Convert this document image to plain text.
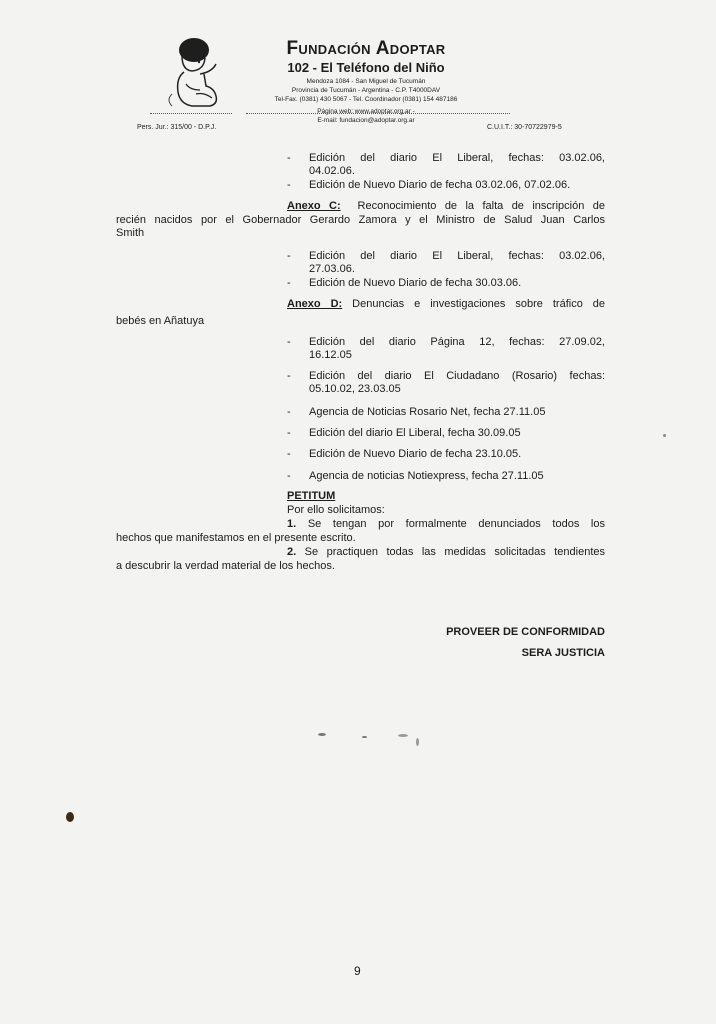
Fundación Adoptar
102 - El Teléfono del Niño
Mendoza 1084 - San Miguel de Tucumán
Provincia de Tucumán - Argentina - C.P. T4000DAV
Tel-Fax. (0381) 430 5067 - Tel. Coordinador (0381) 154 487186
Página web: www.adoptar.org.ar -
E-mail: fundacion@adoptar.org.ar
Pers. Jur.: 315/00 - D.P.J.	C.U.I.T.: 30-70722979-5
- Edición del diario El Liberal, fechas: 03.02.06,

04.02.06.

- Edición de Nuevo Diario de fecha 03.02.06, 07.02.06.

Anexo C: Reconocimiento de la falta de inscripción de

recién nacidos por el Gobernador Gerardo Zamora y el Ministro de Salud Juan Carlos

Smith

- Edición del diario El Liberal, fechas: 03.02.06,

27.03.06.

- Edición de Nuevo Diario de fecha 30.03.06.

Anexo D: Denuncias e investigaciones sobre tráfico de

bebés en Añatuya

- Edición del diario Página 12, fechas: 27.09.02,

16.12.05

- Edición del diario El Ciudadano (Rosario) fechas:

05.10.02, 23.03.05

- Agencia de Noticias Rosario Net, fecha 27.11.05

- Edición del diario El Liberal, fecha 30.09.05

- Edición de Nuevo Diario de fecha 23.10.05.

- Agencia de noticias Notiexpress, fecha 27.11.05

PETITUM

Por ello solicitamos:

1. Se tengan por formalmente denunciados todos los

hechos que manifestamos en el presente escrito.

2. Se practiquen todas las medidas solicitadas tendientes

a descubrir la verdad material de los hechos.

PROVEER DE CONFORMIDAD

SERA JUSTICIA

9
